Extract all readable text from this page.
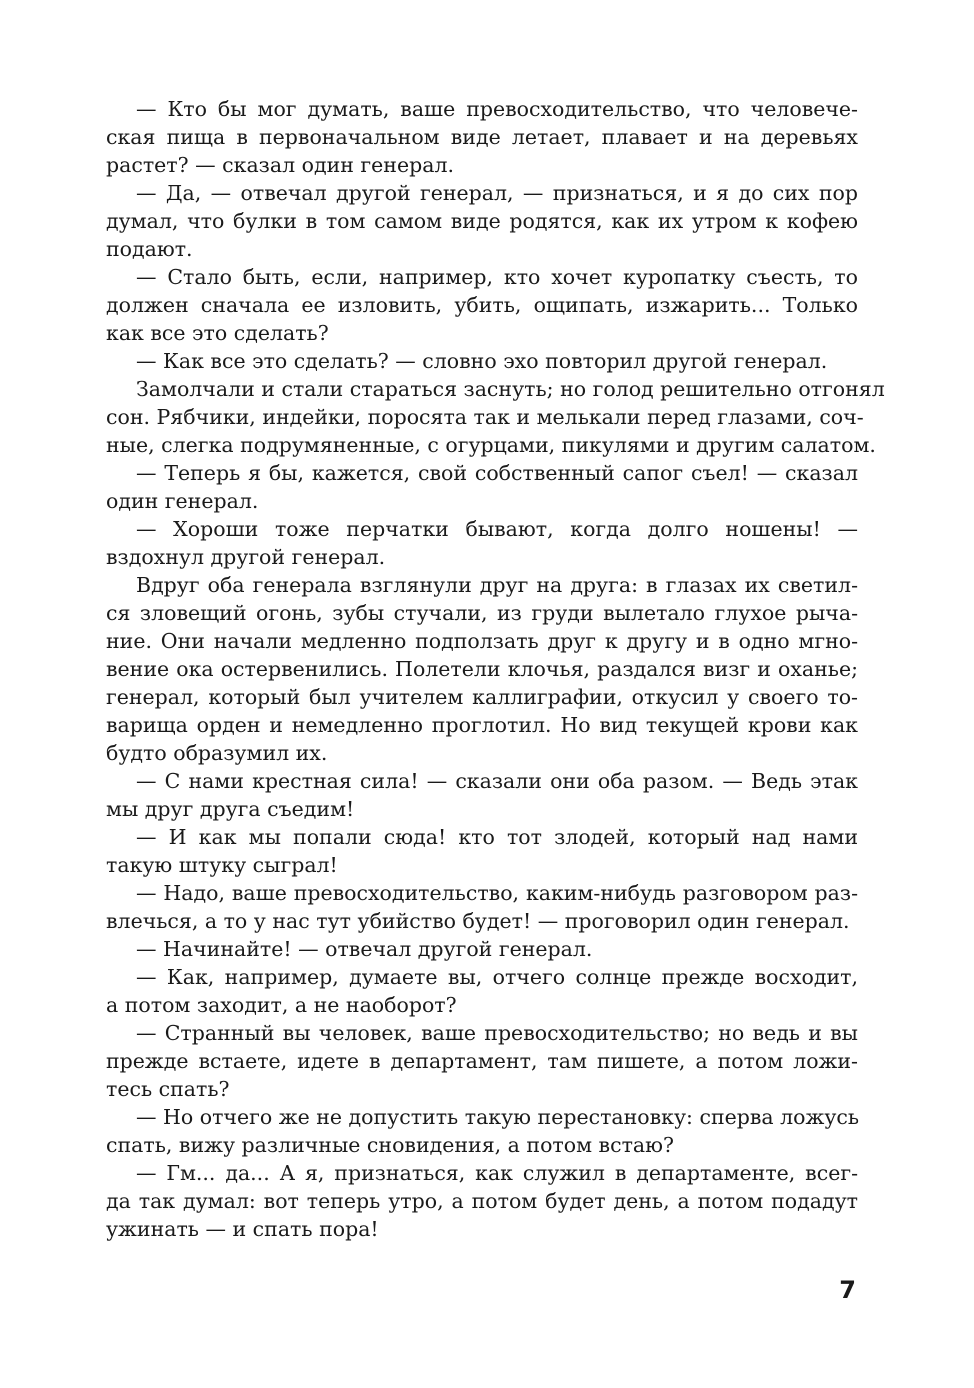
— Кто бы мог думать, ваше превосходительство, что человече-
ская пища в первоначальном виде летает, плавает и на деревьях
растет? — сказал один генерал.
— Да, — отвечал другой генерал, — признаться, и я до сих пор
думал, что булки в том самом виде родятся, как их утром к кофею
подают.
— Стало быть, если, например, кто хочет куропатку съесть, то
должен сначала ее изловить, убить, ощипать, изжарить... Только
как все это сделать?
— Как все это сделать? — словно эхо повторил другой генерал.
Замолчали и стали стараться заснуть; но голод решительно отгонял
сон. Рябчики, индейки, поросята так и мелькали перед глазами, соч-
ные, слегка подрумяненные, с огурцами, пикулями и другим салатом.
— Теперь я бы, кажется, свой собственный сапог съел! — сказал
один генерал.
— Хороши тоже перчатки бывают, когда долго ношены! —
вздохнул другой генерал.
Вдруг оба генерала взглянули друг на друга: в глазах их светил-
ся зловещий огонь, зубы стучали, из груди вылетало глухое рыча-
ние. Они начали медленно подползать друг к другу и в одно мгно-
вение ока остервенились. Полетели клочья, раздался визг и оханье;
генерал, который был учителем каллиграфии, откусил у своего то-
варища орден и немедленно проглотил. Но вид текущей крови как
будто образумил их.
— С нами крестная сила! — сказали они оба разом. — Ведь этак
мы друг друга съедим!
— И как мы попали сюда! кто тот злодей, который над нами
такую штуку сыграл!
— Надо, ваше превосходительство, каким-нибудь разговором раз-
влечься, а то у нас тут убийство будет! — проговорил один генерал.
— Начинайте! — отвечал другой генерал.
— Как, например, думаете вы, отчего солнце прежде восходит,
а потом заходит, а не наоборот?
— Странный вы человек, ваше превосходительство; но ведь и вы
прежде встаете, идете в департамент, там пишете, а потом ложи-
тесь спать?
— Но отчего же не допустить такую перестановку: сперва ложусь
спать, вижу различные сновидения, а потом встаю?
— Гм... да... А я, признаться, как служил в департаменте, всег-
да так думал: вот теперь утро, а потом будет день, а потом подадут
ужинать — и спать пора!
7
